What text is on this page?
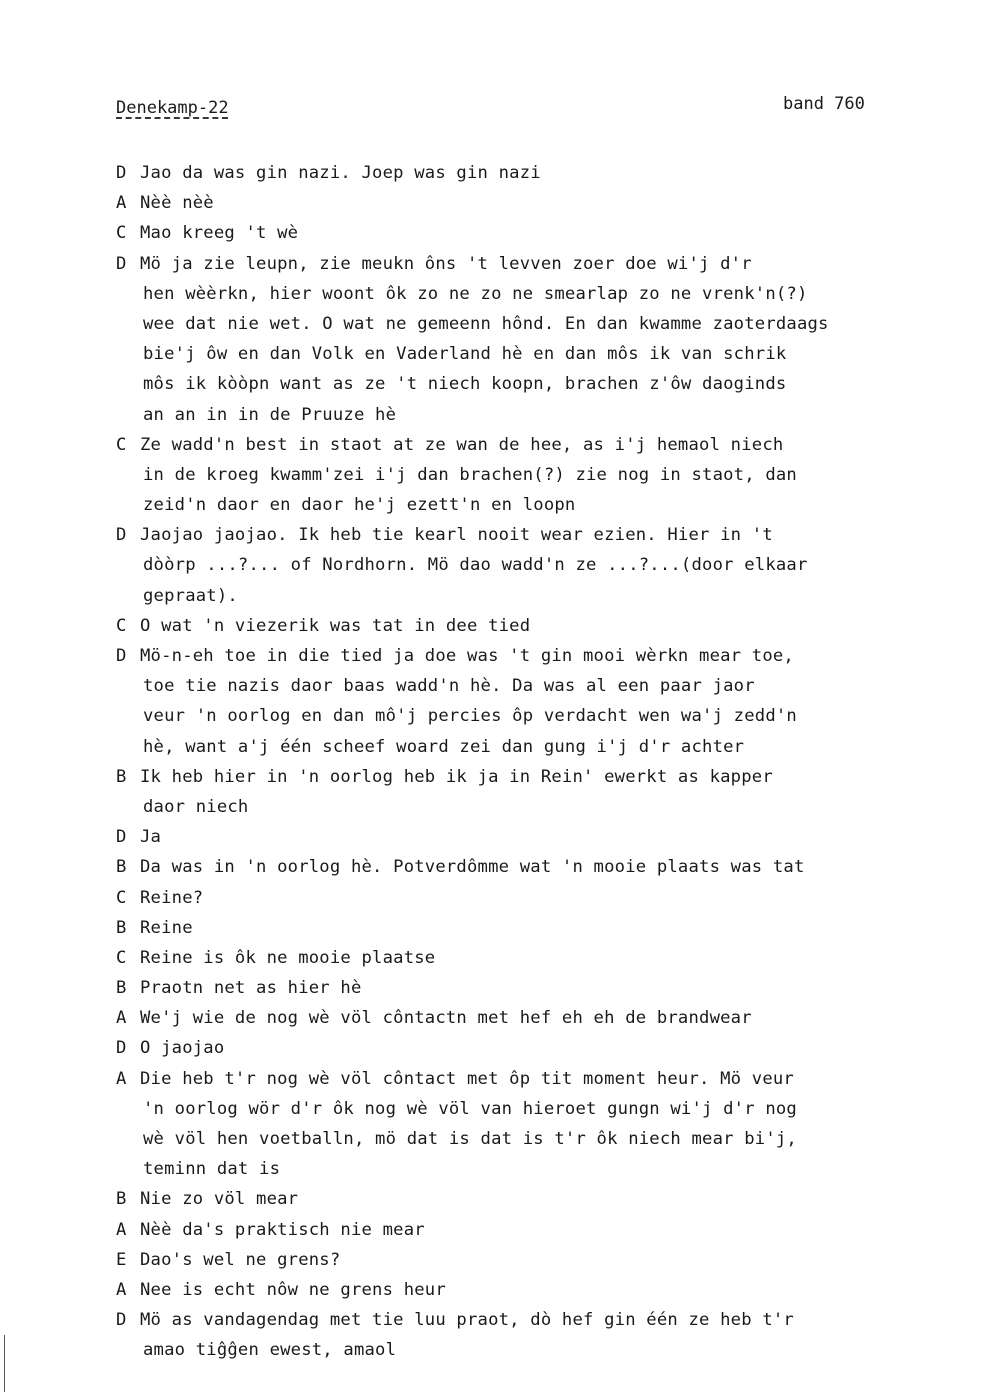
Denekamp-22	band 760
D Jao da was gin nazi. Joep was gin nazi
A Nèè nèè
C Mao kreeg 't wè
D Mö ja zie leupn, zie meukn ôns 't levven zoer doe wi'j d'r
hen wèèrkn, hier woont ôk zo ne zo ne smearlap zo ne vrenk'n(?)
wee dat nie wet. O wat ne gemeenn hônd. En dan kwamme zaoterdaags
bie'j ôw en dan Volk en Vaderland hè en dan môs ik van schrik
môs ik kòòpn want as ze 't niech koopn, brachen z'ôw daoginds
an an in in de Pruuze hè
C Ze wadd'n best in staot at ze wan de hee, as i'j hemaol niech
in de kroeg kwamm'zei i'j dan brachen(?) zie nog in staot, dan
zeid'n daor en daor he'j ezett'n en loopn
D Jaojao jaojao. Ik heb tie kearl nooit wear ezien. Hier in 't
dòòrp ...?... of Nordhorn. Mö dao wadd'n ze ...?...(door elkaar
gepraat).
C O wat 'n viezerik was tat in dee tied
D Mö-n-eh toe in die tied ja doe was 't gin mooi wèrkn mear toe,
toe tie nazis daor baas wadd'n hè. Da was al een paar jaor
veur 'n oorlog en dan mô'j percies ôp verdacht wen wa'j zedd'n
hè, want a'j één scheef woard zei dan gung i'j d'r achter
B Ik heb hier in 'n oorlog heb ik ja in Rein' ewerkt as kapper
daor niech
D Ja
B Da was in 'n oorlog hè. Potverdômme wat 'n mooie plaats was tat
C Reine?
B Reine
C Reine is ôk ne mooie plaatse
B Praotn net as hier hè
A We'j wie de nog wè völ côntactn met hef eh eh de brandwear
D O jaojao
A Die heb t'r nog wè völ côntact met ôp tit moment heur. Mö veur
'n oorlog wör d'r ôk nog wè völ van hieroet gungn wi'j d'r nog
wè völ hen voetballn, mö dat is dat is t'r ôk niech mear bi'j,
teminn dat is
B Nie zo völ mear
A Nèè da's praktisch nie mear
E Dao's wel ne grens?
A Nee is echt nôw ne grens heur
D Mö as vandagendag met tie luu praot, dò hef gin één ze heb t'r
amao tiĝĝen ewest, amaol
